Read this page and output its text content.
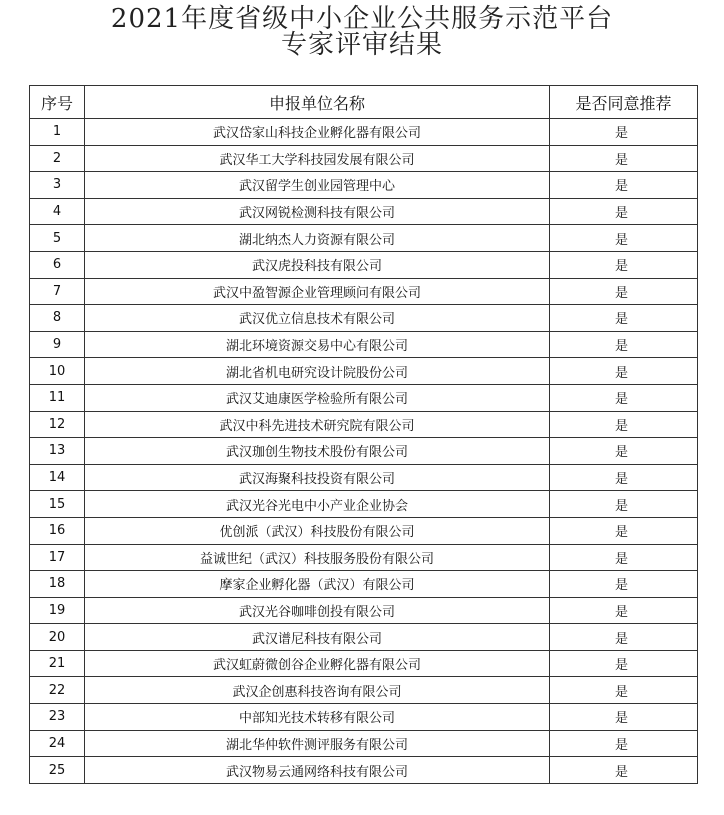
2021年度省级中小企业公共服务示范平台
专家评审结果
序号	申报单位名称	是否同意推荐
1	武汉岱家山科技企业孵化器有限公司	是
2	武汉华工大学科技园发展有限公司	是
3	武汉留学生创业园管理中心	是
4	武汉网锐检测科技有限公司	是
5	湖北纳杰人力资源有限公司	是
6	武汉虎投科技有限公司	是
7	武汉中盈智源企业管理顾问有限公司	是
8	武汉优立信息技术有限公司	是
9	湖北环境资源交易中心有限公司	是
10	湖北省机电研究设计院股份公司	是
11	武汉艾迪康医学检验所有限公司	是
12	武汉中科先进技术研究院有限公司	是
13	武汉珈创生物技术股份有限公司	是
14	武汉海聚科技投资有限公司	是
15	武汉光谷光电中小产业企业协会	是
16	优创派（武汉）科技股份有限公司	是
17	益诚世纪（武汉）科技服务股份有限公司	是
18	摩家企业孵化器（武汉）有限公司	是
19	武汉光谷咖啡创投有限公司	是
20	武汉谱尼科技有限公司	是
21	武汉虹蔚微创谷企业孵化器有限公司	是
22	武汉企创惠科技咨询有限公司	是
23	中部知光技术转移有限公司	是
24	湖北华仲软件测评服务有限公司	是
25	武汉物易云通网络科技有限公司	是
